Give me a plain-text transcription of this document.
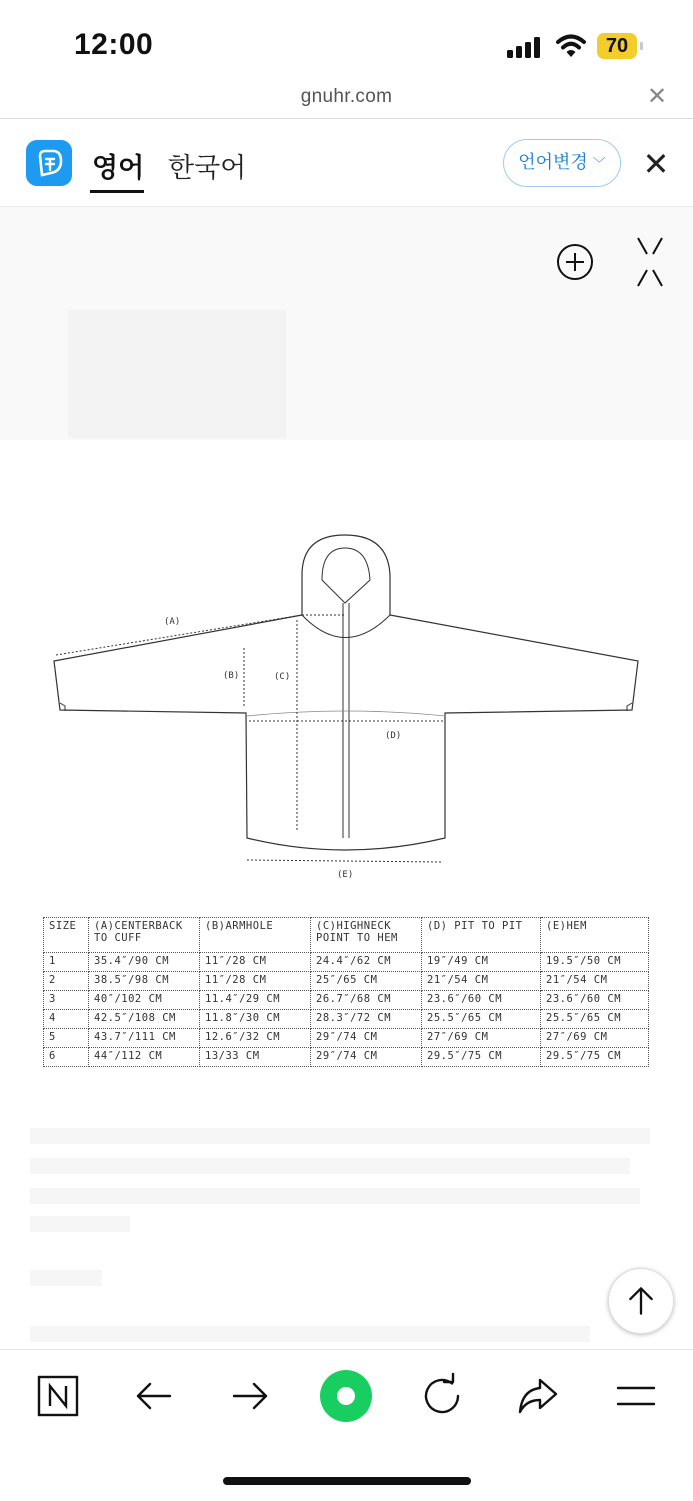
12:00	70
gnuhr.com	✕
영어 한국어	언어변경 ﹀	✕
(A)
(B)	(C)
(D)
(E)
SIZE	(A)CENTERBACK TO CUFF	(B)ARMHOLE	(C)HIGHNECK POINT TO HEM	(D) PIT TO PIT	(E)HEM
1	35.4″/90 CM	11″/28 CM	24.4″/62 CM	19″/49 CM	19.5″/50 CM
2	38.5″/98 CM	11″/28 CM	25″/65 CM	21″/54 CM	21″/54 CM
3	40″/102 CM	11.4″/29 CM	26.7″/68 CM	23.6″/60 CM	23.6″/60 CM
4	42.5″/108 CM	11.8″/30 CM	28.3″/72 CM	25.5″/65 CM	25.5″/65 CM
5	43.7″/111 CM	12.6″/32 CM	29″/74 CM	27″/69 CM	27″/69 CM
6	44″/112 CM	13/33 CM	29″/74 CM	29.5″/75 CM	29.5″/75 CM
